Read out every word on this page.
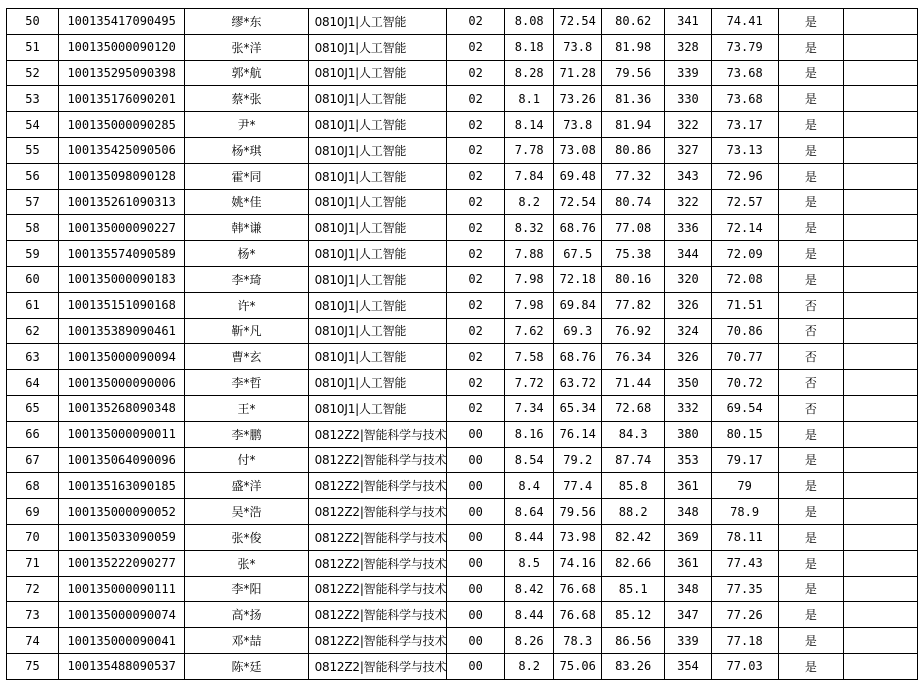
50	100135417090495	缪*东	0810J1|人工智能	02	8.08	72.54	80.62	341	74.41	是	
51	100135000090120	张*洋	0810J1|人工智能	02	8.18	73.8	81.98	328	73.79	是	
52	100135295090398	郭*航	0810J1|人工智能	02	8.28	71.28	79.56	339	73.68	是	
53	100135176090201	蔡*张	0810J1|人工智能	02	8.1	73.26	81.36	330	73.68	是	
54	100135000090285	尹*	0810J1|人工智能	02	8.14	73.8	81.94	322	73.17	是	
55	100135425090506	杨*琪	0810J1|人工智能	02	7.78	73.08	80.86	327	73.13	是	
56	100135098090128	霍*同	0810J1|人工智能	02	7.84	69.48	77.32	343	72.96	是	
57	100135261090313	姚*佳	0810J1|人工智能	02	8.2	72.54	80.74	322	72.57	是	
58	100135000090227	韩*谦	0810J1|人工智能	02	8.32	68.76	77.08	336	72.14	是	
59	100135574090589	杨*	0810J1|人工智能	02	7.88	67.5	75.38	344	72.09	是	
60	100135000090183	李*琦	0810J1|人工智能	02	7.98	72.18	80.16	320	72.08	是	
61	100135151090168	许*	0810J1|人工智能	02	7.98	69.84	77.82	326	71.51	否	
62	100135389090461	靳*凡	0810J1|人工智能	02	7.62	69.3	76.92	324	70.86	否	
63	100135000090094	曹*玄	0810J1|人工智能	02	7.58	68.76	76.34	326	70.77	否	
64	100135000090006	李*哲	0810J1|人工智能	02	7.72	63.72	71.44	350	70.72	否	
65	100135268090348	王*	0810J1|人工智能	02	7.34	65.34	72.68	332	69.54	否	
66	100135000090011	李*鹏	0812Z2|智能科学与技术	00	8.16	76.14	84.3	380	80.15	是	
67	100135064090096	付*	0812Z2|智能科学与技术	00	8.54	79.2	87.74	353	79.17	是	
68	100135163090185	盛*洋	0812Z2|智能科学与技术	00	8.4	77.4	85.8	361	79	是	
69	100135000090052	吴*浩	0812Z2|智能科学与技术	00	8.64	79.56	88.2	348	78.9	是	
70	100135033090059	张*俊	0812Z2|智能科学与技术	00	8.44	73.98	82.42	369	78.11	是	
71	100135222090277	张*	0812Z2|智能科学与技术	00	8.5	74.16	82.66	361	77.43	是	
72	100135000090111	李*阳	0812Z2|智能科学与技术	00	8.42	76.68	85.1	348	77.35	是	
73	100135000090074	高*扬	0812Z2|智能科学与技术	00	8.44	76.68	85.12	347	77.26	是	
74	100135000090041	邓*喆	0812Z2|智能科学与技术	00	8.26	78.3	86.56	339	77.18	是	
75	100135488090537	陈*廷	0812Z2|智能科学与技术	00	8.2	75.06	83.26	354	77.03	是	
